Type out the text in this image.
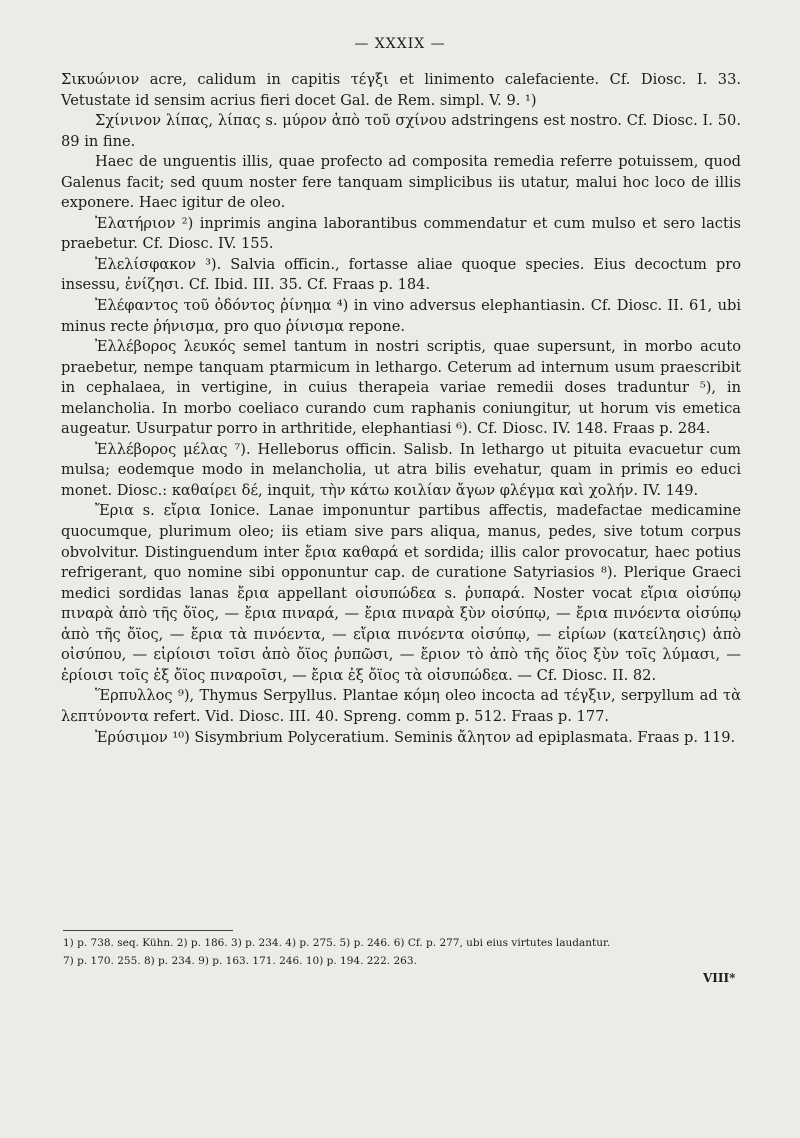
— XXXIX —

Σικυώνιον acre, calidum in capitis τέγξι et linimento calefaciente. Cf. Diosc. I. 33. Vetustate id sensim acrius fieri docet Gal. de Rem. simpl. V. 9. ¹)

Σχίνινον λίπας, λίπας s. μύρον ἀπὸ τοῦ σχίνου adstringens est nostro. Cf. Diosc. I. 50. 89 in fine.

Haec de unguentis illis, quae profecto ad composita remedia referre potuissem, quod Galenus facit; sed quum noster fere tanquam simplicibus iis utatur, malui hoc loco de illis exponere. Haec igitur de oleo.

Ἐλατήριον ²) inprimis angina laborantibus commendatur et cum mulso et sero lactis praebetur. Cf. Diosc. IV. 155.

Ἐλελίσφακον ³). Salvia officin., fortasse aliae quoque species. Eius decoctum pro insessu, ἐνίζησι. Cf. Ibid. III. 35. Cf. Fraas p. 184.

Ἐλέφαντος τοῦ ὀδόντος ῥίνημα ⁴) in vino adversus elephantiasin. Cf. Diosc. II. 61, ubi minus recte ῥήνισμα, pro quo ῥίνισμα repone.

Ἐλλέβορος λευκός semel tantum in nostri scriptis, quae supersunt, in morbo acuto praebetur, nempe tanquam ptarmicum in lethargo. Ceterum ad internum usum praescribit in cephalaea, in vertigine, in cuius therapeia variae remedii doses traduntur ⁵), in melancholia. In morbo coeliaco curando cum raphanis coniungitur, ut horum vis emetica augeatur. Usurpatur porro in arthritide, elephantiasi ⁶). Cf. Diosc. IV. 148. Fraas p. 284.

Ἐλλέβορος μέλας ⁷). Helleborus officin. Salisb. In lethargo ut pituita evacuetur cum mulsa; eodemque modo in melancholia, ut atra bilis evehatur, quam in primis eo educi monet. Diosc.: καθαίρει δέ, inquit, τὴν κάτω κοιλίαν ἄγων φλέγμα καὶ χολήν. IV. 149.

Ἔρια s. εἴρια Ionice. Lanae imponuntur partibus affectis, madefactae medicamine quocumque, plurimum oleo; iis etiam sive pars aliqua, manus, pedes, sive totum corpus obvolvitur. Distinguendum inter ἔρια καθαρά et sordida; illis calor provocatur, haec potius refrigerant, quo nomine sibi opponuntur cap. de curatione Satyriasios ⁸). Plerique Graeci medici sordidas lanas ἔρια appellant οἰσυπώδεα s. ῥυπαρά. Noster vocat εἴρια οἰσύπῳ πιναρὰ ἀπὸ τῆς ὄϊος, — ἔρια πιναρά, — ἔρια πιναρὰ ξὺν οἰσύπῳ, — ἔρια πινόεντα οἰσύπῳ ἀπὸ τῆς ὄϊος, — ἔρια τὰ πινόεντα, — εἴρια πινόεντα οἰσύπῳ, — εἰρίων (κατείλησις) ἀπὸ οἰσύπου, — εἰρίοισι τοῖσι ἀπὸ ὄϊος ῥυπῶσι, — ἔριον τὸ ἀπὸ τῆς ὄϊος ξὺν τοῖς λύμασι, — ἐρίοισι τοῖς ἐξ ὄϊος πιναροῖσι, — ἔρια ἐξ ὄϊος τὰ οἰσυπώδεα. — Cf. Diosc. II. 82.

Ἕρπυλλος ⁹), Thymus Serpyllus. Plantae κόμη oleo incocta ad τέγξιν, serpyllum ad τὰ λεπτύνοντα refert. Vid. Diosc. III. 40. Spreng. comm p. 512. Fraas p. 177.

Ἐρύσιμον ¹⁰) Sisymbrium Polyceratium. Seminis ἄλητον ad epiplasmata. Fraas p. 119.

1) p. 738. seq. Kühn. 2) p. 186. 3) p. 234. 4) p. 275. 5) p. 246. 6) Cf. p. 277, ubi eius virtutes laudantur.

7) p. 170. 255. 8) p. 234. 9) p. 163. 171. 246. 10) p. 194. 222. 263.

VIII*
